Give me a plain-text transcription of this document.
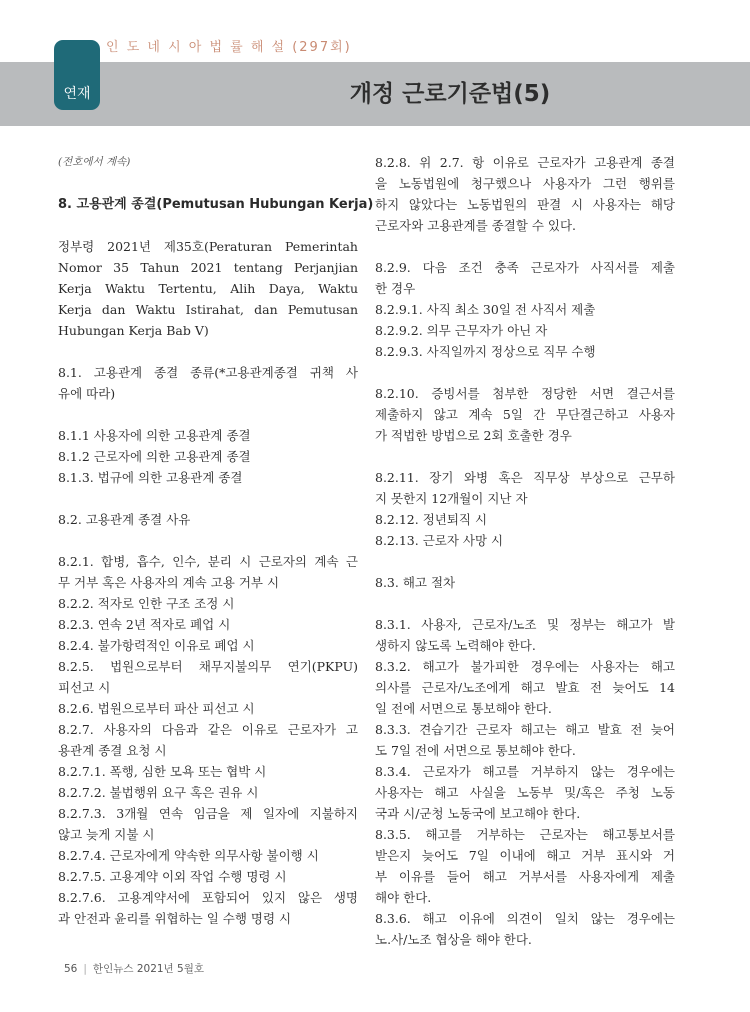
인 도 네 시 아 법 률 해 설 (297회)
연재	개정 근로기준법(5)
(전호에서 계속)
8. 고용관계 종결(Pemutusan Hubungan Kerja)
정부령 2021년 제35호(Peraturan Pemerintah
Nomor 35 Tahun 2021 tentang Perjanjian
Kerja Waktu Tertentu, Alih Daya, Waktu
Kerja dan Waktu Istirahat, dan Pemutusan
Hubungan Kerja Bab V)
8.1. 고용관계 종결 종류(*고용관계종결 귀책 사
유에 따라)
8.1.1 사용자에 의한 고용관계 종결
8.1.2 근로자에 의한 고용관계 종결
8.1.3. 법규에 의한 고용관계 종결
8.2. 고용관계 종결 사유
8.2.1. 합병, 흡수, 인수, 분리 시 근로자의 계속 근
무 거부 혹은 사용자의 계속 고용 거부 시
8.2.2. 적자로 인한 구조 조정 시
8.2.3. 연속 2년 적자로 폐업 시
8.2.4. 불가항력적인 이유로 폐업 시
8.2.5. 법원으로부터 채무지불의무 연기(PKPU)
피선고 시
8.2.6. 법원으로부터 파산 피선고 시
8.2.7. 사용자의 다음과 같은 이유로 근로자가 고
용관계 종결 요청 시
8.2.7.1. 폭행, 심한 모욕 또는 협박 시
8.2.7.2. 불법행위 요구 혹은 권유 시
8.2.7.3. 3개월 연속 임금을 제 일자에 지불하지
않고 늦게 지불 시
8.2.7.4. 근로자에게 약속한 의무사항 불이행 시
8.2.7.5. 고용계약 이외 작업 수행 명령 시
8.2.7.6. 고용계약서에 포함되어 있지 않은 생명
과 안전과 윤리를 위협하는 일 수행 명령 시
8.2.8. 위 2.7. 항 이유로 근로자가 고용관계 종결
을 노동법원에 청구했으나 사용자가 그런 행위를
하지 않았다는 노동법원의 판결 시 사용자는 해당
근로자와 고용관계를 종결할 수 있다.
8.2.9. 다음 조건 충족 근로자가 사직서를 제출
한 경우
8.2.9.1. 사직 최소 30일 전 사직서 제출
8.2.9.2. 의무 근무자가 아닌 자
8.2.9.3. 사직일까지 정상으로 직무 수행
8.2.10. 증빙서를 첨부한 정당한 서면 결근서를
제출하지 않고 계속 5일 간 무단결근하고 사용자
가 적법한 방법으로 2회 호출한 경우
8.2.11. 장기 와병 혹은 직무상 부상으로 근무하
지 못한지 12개월이 지난 자
8.2.12. 정년퇴직 시
8.2.13. 근로자 사망 시
8.3. 해고 절차
8.3.1. 사용자, 근로자/노조 및 정부는 해고가 발
생하지 않도록 노력해야 한다.
8.3.2. 해고가 불가피한 경우에는 사용자는 해고
의사를 근로자/노조에게 해고 발효 전 늦어도 14
일 전에 서면으로 통보해야 한다.
8.3.3. 견습기간 근로자 해고는 해고 발효 전 늦어
도 7일 전에 서면으로 통보해야 한다.
8.3.4. 근로자가 해고를 거부하지 않는 경우에는
사용자는 해고 사실을 노동부 및/혹은 주청 노동
국과 시/군청 노동국에 보고해야 한다.
8.3.5. 해고를 거부하는 근로자는 해고통보서를
받은지 늦어도 7일 이내에 해고 거부 표시와 거
부 이유를 들어 해고 거부서를 사용자에게 제출
해야 한다.
8.3.6. 해고 이유에 의견이 일치 않는 경우에는
노.사/노조 협상을 해야 한다.
56 | 한인뉴스 2021년 5월호
